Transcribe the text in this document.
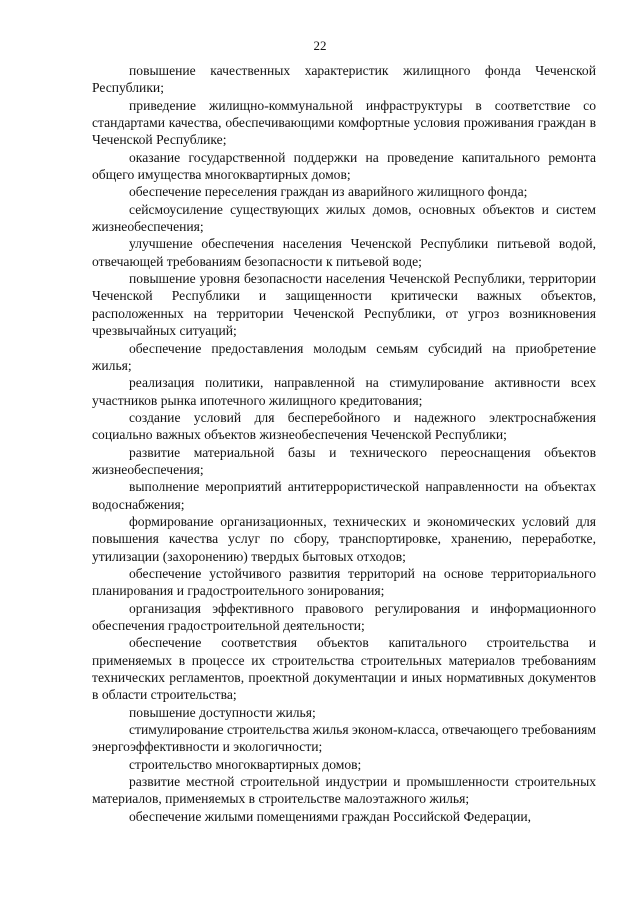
22

повышение качественных характеристик жилищного фонда Чеченской Республики;

приведение жилищно-коммунальной инфраструктуры в соответствие со стандартами качества, обеспечивающими комфортные условия проживания граждан в Чеченской Республике;

оказание государственной поддержки на проведение капитального ремонта общего имущества многоквартирных домов;

обеспечение переселения граждан из аварийного жилищного фонда;

сейсмоусиление существующих жилых домов, основных объектов и систем жизнеобеспечения;

улучшение обеспечения населения Чеченской Республики питьевой водой, отвечающей требованиям безопасности к питьевой воде;

повышение уровня безопасности населения Чеченской Республики, территории Чеченской Республики и защищенности критически важных объектов, расположенных на территории Чеченской Республики, от угроз возникновения чрезвычайных ситуаций;

обеспечение предоставления молодым семьям субсидий на приобретение жилья;

реализация политики, направленной на стимулирование активности всех участников рынка ипотечного жилищного кредитования;

создание условий для бесперебойного и надежного электроснабжения социально важных объектов жизнеобеспечения Чеченской Республики;

развитие материальной базы и технического переоснащения объектов жизнеобеспечения;

выполнение мероприятий антитеррористической направленности на объектах водоснабжения;

формирование организационных, технических и экономических условий для повышения качества услуг по сбору, транспортировке, хранению, переработке, утилизации (захоронению) твердых бытовых отходов;

обеспечение устойчивого развития территорий на основе территориального планирования и градостроительного зонирования;

организация эффективного правового регулирования и информационного обеспечения градостроительной деятельности;

обеспечение соответствия объектов капитального строительства и применяемых в процессе их строительства строительных материалов требованиям технических регламентов, проектной документации и иных нормативных документов в области строительства;

повышение доступности жилья;

стимулирование строительства жилья эконом-класса, отвечающего требованиям энергоэффективности и экологичности;

строительство многоквартирных домов;

развитие местной строительной индустрии и промышленности строительных материалов, применяемых в строительстве малоэтажного жилья;

обеспечение жилыми помещениями граждан Российской Федерации,
